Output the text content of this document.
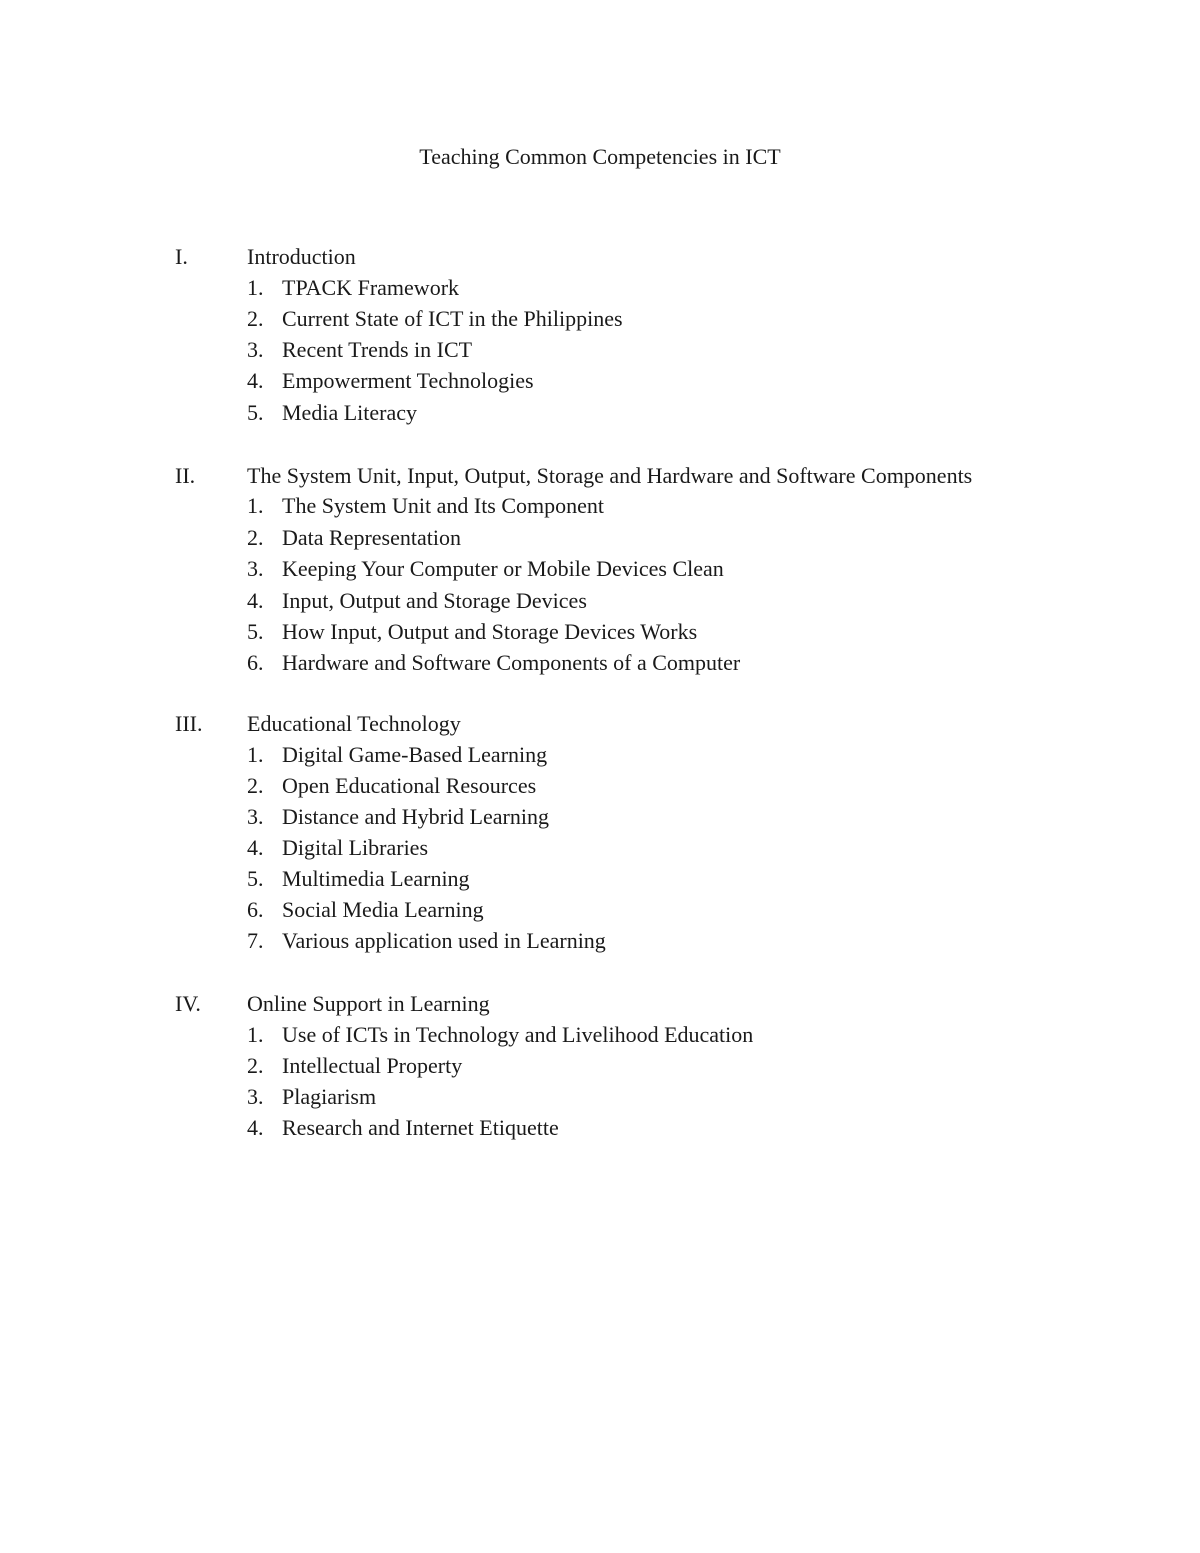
Teaching Common Competencies in ICT
I.	Introduction
1. TPACK Framework
2. Current State of ICT in the Philippines
3. Recent Trends in ICT
4. Empowerment Technologies
5. Media Literacy
II. The System Unit, Input, Output, Storage and Hardware and Software Components
1. The System Unit and Its Component
2. Data Representation
3. Keeping Your Computer or Mobile Devices Clean
4. Input, Output and Storage Devices
5. How Input, Output and Storage Devices Works
6. Hardware and Software Components of a Computer
III. Educational Technology
1. Digital Game-Based Learning
2. Open Educational Resources
3. Distance and Hybrid Learning
4. Digital Libraries
5. Multimedia Learning
6. Social Media Learning
7. Various application used in Learning
IV. Online Support in Learning
1. Use of ICTs in Technology and Livelihood Education
2. Intellectual Property
3. Plagiarism
4. Research and Internet Etiquette
